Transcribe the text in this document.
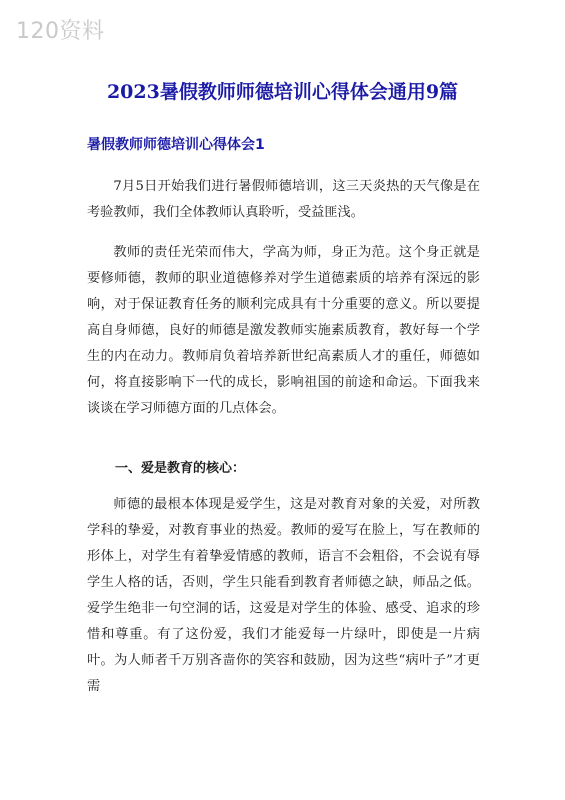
120资料
2023暑假教师师德培训心得体会通用9篇
暑假教师师德培训心得体会1

7月5日开始我们进行暑假师德培训，这三天炎热的天气像是在考验教师，我们全体教师认真聆听，受益匪浅。

教师的责任光荣而伟大，学高为师，身正为范。这个身正就是要修师德，教师的职业道德修养对学生道德素质的培养有深远的影响，对于保证教育任务的顺利完成具有十分重要的意义。所以要提高自身师德，良好的师德是激发教师实施素质教育，教好每一个学生的内在动力。教师肩负着培养新世纪高素质人才的重任，师德如何，将直接影响下一代的成长，影响祖国的前途和命运。下面我来谈谈在学习师德方面的几点体会。

一、爱是教育的核心：

师德的最根本体现是爱学生，这是对教育对象的关爱，对所教学科的挚爱，对教育事业的热爱。教师的爱写在脸上，写在教师的形体上，对学生有着挚爱情感的教师，语言不会粗俗，不会说有辱学生人格的话，否则，学生只能看到教育者师德之缺，师品之低。爱学生绝非一句空洞的话，这爱是对学生的体验、感受、追求的珍惜和尊重。有了这份爱，我们才能爱每一片绿叶，即使是一片病叶。为人师者千万别吝啬你的笑容和鼓励，因为这些“病叶子”才更需
